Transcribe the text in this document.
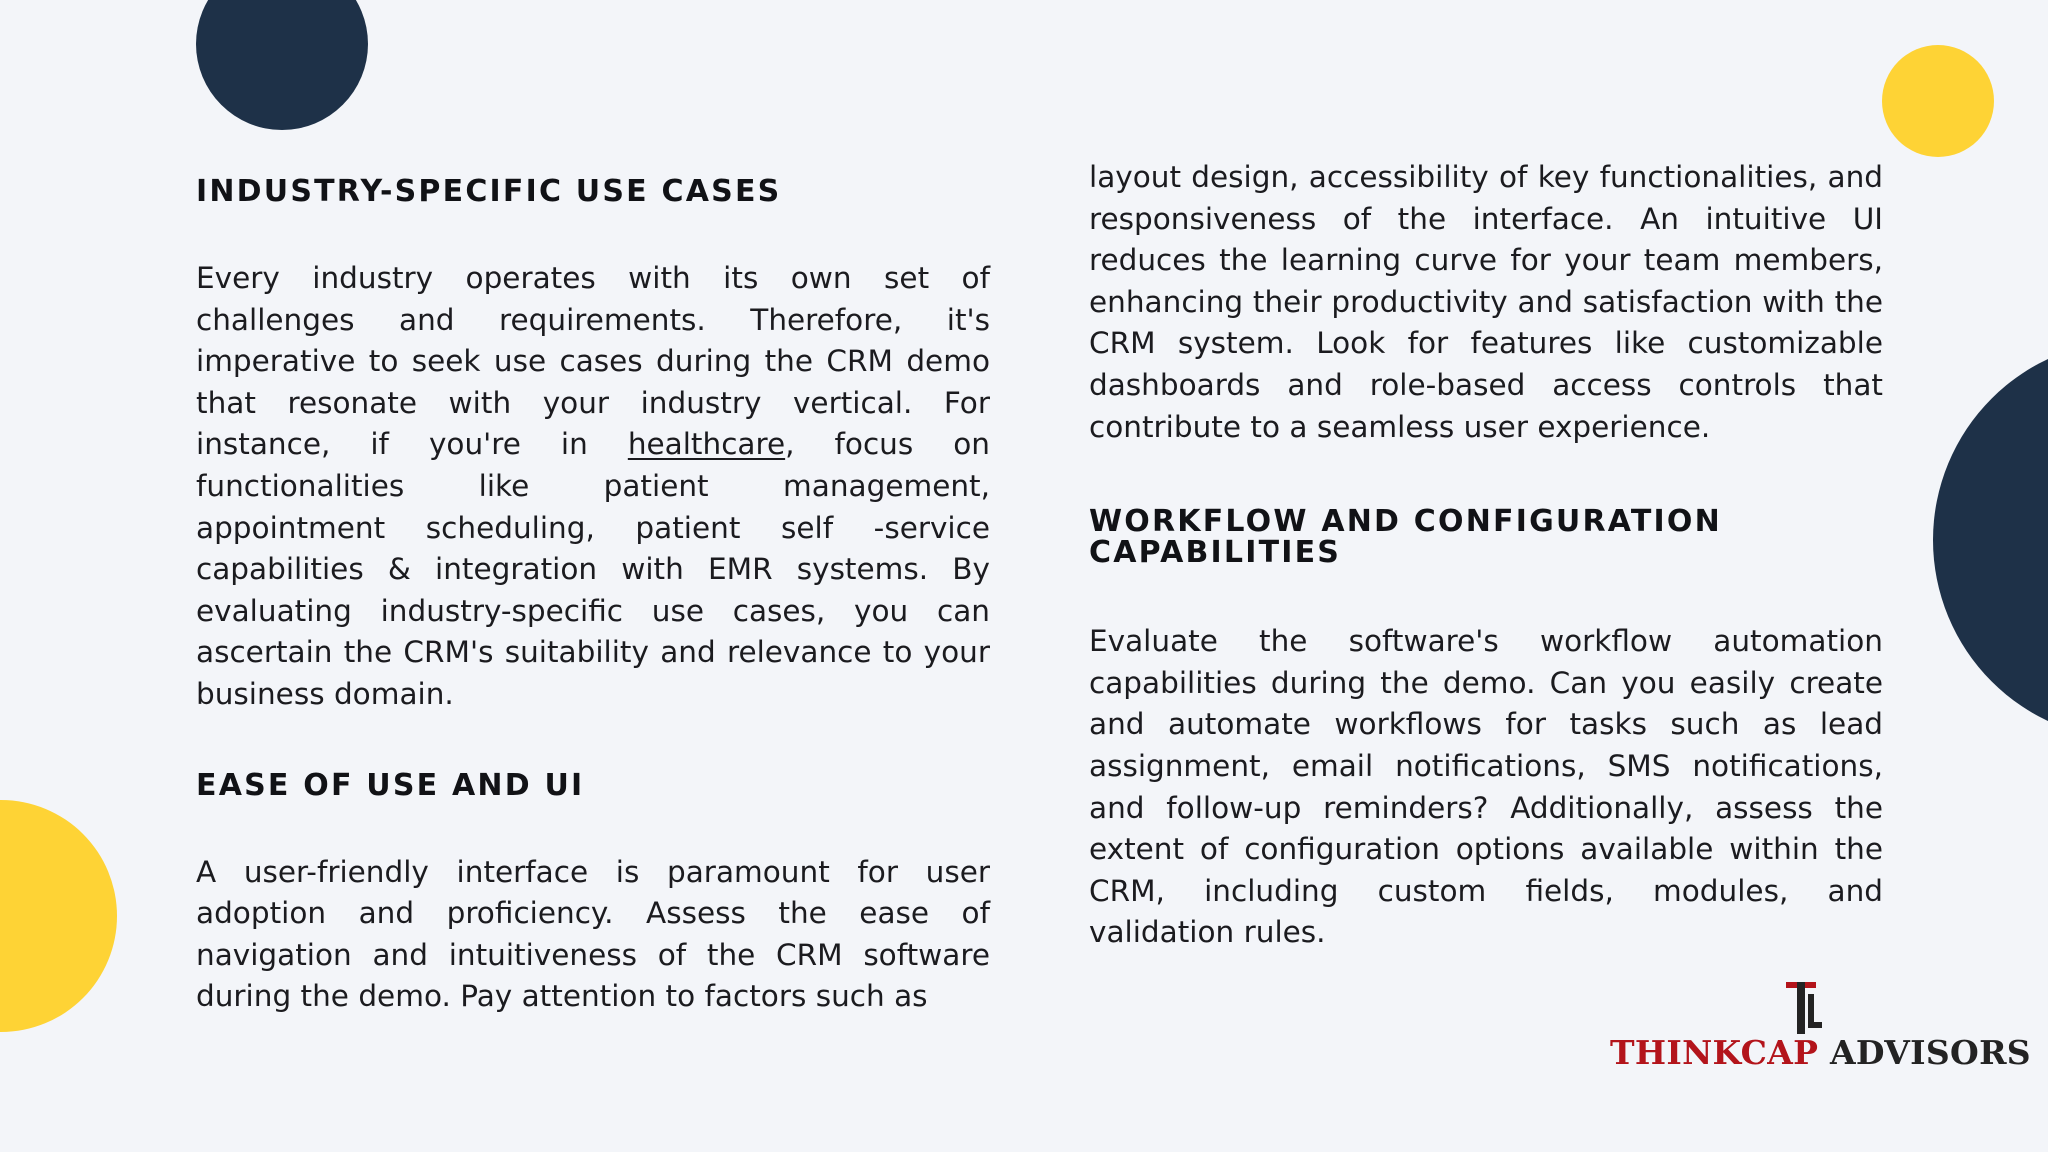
INDUSTRY-SPECIFIC USE CASES

Every industry operates with its own set of challenges and requirements. Therefore, it's imperative to seek use cases during the CRM demo that resonate with your industry vertical. For instance, if you're in healthcare, focus on functionalities like patient management, appointment scheduling, patient self -service capabilities & integration with EMR systems. By evaluating industry-specific use cases, you can ascertain the CRM's suitability and relevance to your business domain.

EASE OF USE AND UI

A user-friendly interface is paramount for user adoption and proficiency. Assess the ease of navigation and intuitiveness of the CRM software during the demo. Pay attention to factors such as

layout design, accessibility of key functionalities, and responsiveness of the interface. An intuitive UI reduces the learning curve for your team members, enhancing their productivity and satisfaction with the CRM system. Look for features like customizable dashboards and role-based access controls that contribute to a seamless user experience.

WORKFLOW AND CONFIGURATION CAPABILITIES

Evaluate the software's workflow automation capabilities during the demo. Can you easily create and automate workflows for tasks such as lead assignment, email notifications, SMS notifications, and follow-up reminders? Additionally, assess the extent of configuration options available within the CRM, including custom fields, modules, and validation rules.

THINKCAP ADVISORS
